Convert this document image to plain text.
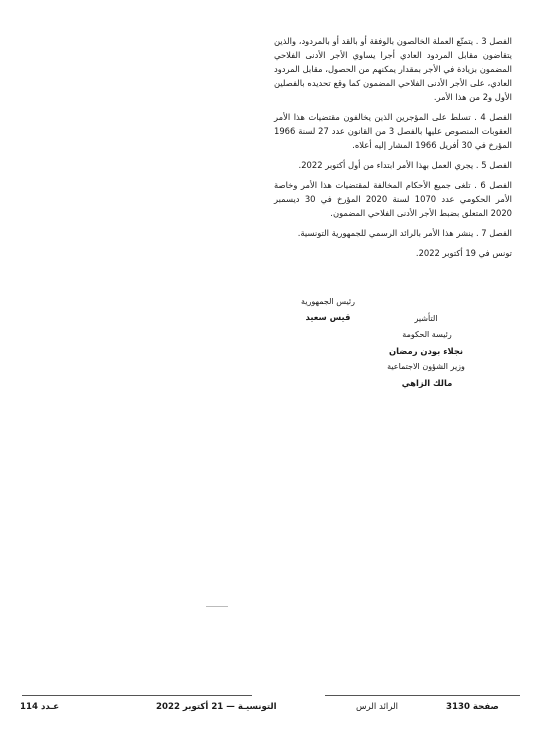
الفصل 3 . يتمتّع العملة الخالصون بالوفقة أو بالقد أو بالمردود، والذين يتقاضون مقابل المردود العادي أجرا يساوي الأجر الأدنى الفلاحي المضمون بزيادة في الأجر بمقدار يمكنهم من الحصول، مقابل المردود العادي، على الأجر الأدنى الفلاحي المضمون كما وقع تحديده بالفصلين الأول و2 من هذا الأمر.

الفصل 4 . تسلط على المؤجرين الذين يخالفون مقتضيات هذا الأمر العقوبات المنصوص عليها بالفصل 3 من القانون عدد 27 لسنة 1966 المؤرخ في 30 أفريل 1966 المشار إليه أعلاه.

الفصل 5 . يجري العمل بهذا الأمر ابتداء من أول أكتوبر 2022.

الفصل 6 . تلغى جميع الأحكام المخالفة لمقتضيات هذا الأمر وخاصة الأمر الحكومي عدد 1070 لسنة 2020 المؤرخ في 30 ديسمبر 2020 المتعلق بضبط الأجر الأدنى الفلاحي المضمون.

الفصل 7 . ينشر هذا الأمر بالرائد الرسمي للجمهورية التونسية.

تونس في 19 أكتوبر 2022.

رئيس الجمهورية
قيس سعيد	التأشير
رئيسة الحكومة
نجلاء بودن رمضان
وزير الشؤون الاجتماعية
مالك الزاهي
عـدد 114	التونسيـة — 21 أكتوبر 2022	الرائد الرس	صفحة 3130
